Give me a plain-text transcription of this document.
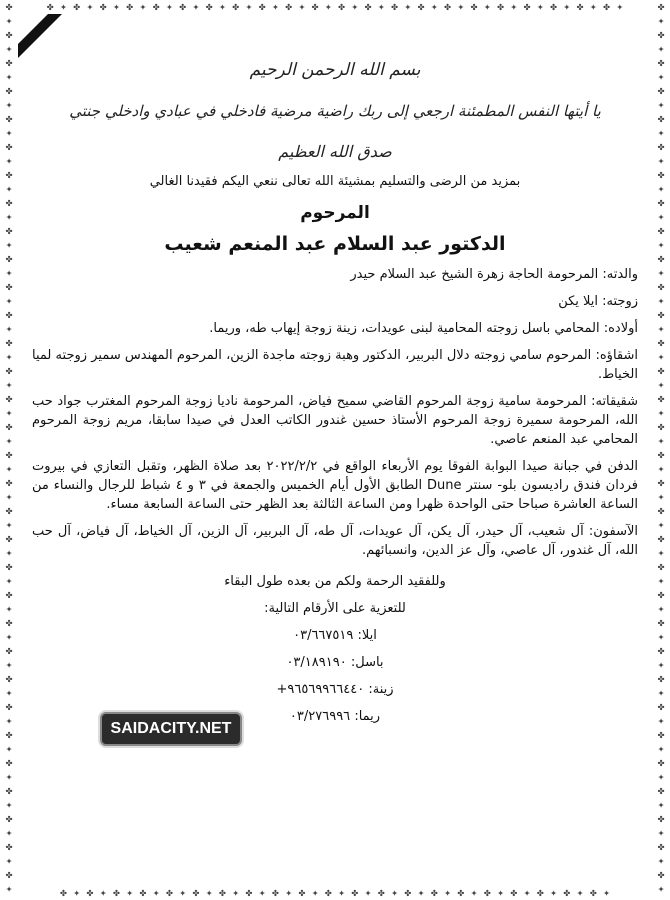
✤ ✦ ✤ ✦ ✤ ✦ ✤ ✦ ✤ ✦ ✤ ✦ ✤ ✦ ✤ ✦ ✤ ✦ ✤ ✦ ✤ ✦ ✤ ✦ ✤ ✦ ✤ ✦ ✤ ✦ ✤ ✦ ✤ ✦ ✤ ✦ ✤ ✦ ✤ ✦ ✤ ✦ ✤ ✦
✤ ✦ ✤ ✦ ✤ ✦ ✤ ✦ ✤ ✦ ✤ ✦ ✤ ✦ ✤ ✦ ✤ ✦ ✤ ✦ ✤ ✦ ✤ ✦ ✤ ✦ ✤ ✦ ✤ ✦ ✤ ✦ ✤ ✦ ✤ ✦ ✤ ✦ ✤ ✦ ✤ ✦
✤
✦
✤
✦
✤
✦
✤
✦
✤
✦
✤
✦
✤
✦
✤
✦
✤
✦
✤
✦
✤
✦
✤
✦
✤
✦
✤
✦
✤
✦
✤
✦
✤
✦
✤
✦
✤
✦
✤
✦
✤
✦
✤
✦
✤
✦
✤
✦
✤
✦
✤
✦
✤
✦
✤
✦
✤
✦
✤
✦
✤
✦
✤
✦
✤
✦
✤
✦
✤
✦
✤
✦
✤
✦
✤
✦
✤
✦
✤
✦
✤
✦
✤
✦
✤
✦
✤
✦
✤
✦
✤
✦
✤
✦
✤
✦
✤
✦
✤
✦
✤
✦
✤
✦
✤
✦
✤
✦
✤
✦
✤
✦
✤
✦
✤
✦
✤
✦
✤
✦
✤
✦
✤
✦
✤
✦
✤
✦
بسم الله الرحمن الرحيم
يا أيتها النفس المطمئنة ارجعي إلى ربك راضية مرضية فادخلي في عبادي وادخلي جنتي
صدق الله العظيم
بمزيد من الرضى والتسليم بمشيئة الله تعالى ننعي اليكم فقيدنا الغالي
المرحوم
الدكتور عبد السلام عبد المنعم شعيب
والدته: المرحومة الحاجة زهرة الشيخ عبد السلام حيدر
زوجته: ايلا يكن
أولاده: المحامي باسل زوجته المحامية لبنى عويدات، زينة زوجة إيهاب طه، وريما.
اشقاؤه: المرحوم سامي زوجته دلال البربير، الدكتور وهبة زوجته ماجدة الزين، المرحوم المهندس سمير زوجته لميا الخياط.
شقيقاته: المرحومة سامية زوجة المرحوم القاضي سميح فياض، المرحومة ناديا زوجة المرحوم المغترب جواد حب الله، المرحومة سميرة زوجة المرحوم الأستاذ حسين غندور الكاتب العدل في صيدا سابقا، مريم زوجة المرحوم المحامي عبد المنعم عاصي.
الدفن في جبانة صيدا البوابة الفوقا يوم الأربعاء الواقع في ٢٠٢٢/٢/٢ بعد صلاة الظهر، وتقبل التعازي في بيروت فردان فندق راديسون بلو- سنتر Dune الطابق الأول أيام الخميس والجمعة في ٣ و ٤ شباط للرجال والنساء من الساعة العاشرة صباحا حتى الواحدة ظهرا ومن الساعة الثالثة بعد الظهر حتى الساعة السابعة مساء.
الآسفون: آل شعيب، آل حيدر، آل يكن، آل عويدات، آل طه، آل البربير، آل الزين، آل الخياط، آل فياض، آل حب الله، آل غندور، آل عاصي، وآل عز الدين، وانسبائهم.
وللفقيد الرحمة ولكم من بعده طول البقاء
للتعزية على الأرقام التالية:
ايلا: ٠٣/٦٦٧٥١٩
باسل: ٠٣/١٨٩١٩٠
زينة: +٩٦٥٦٩٩٦٦٤٤٠
ريما: ٠٣/٢٧٦٩٩٦
SAIDACITY.NET
